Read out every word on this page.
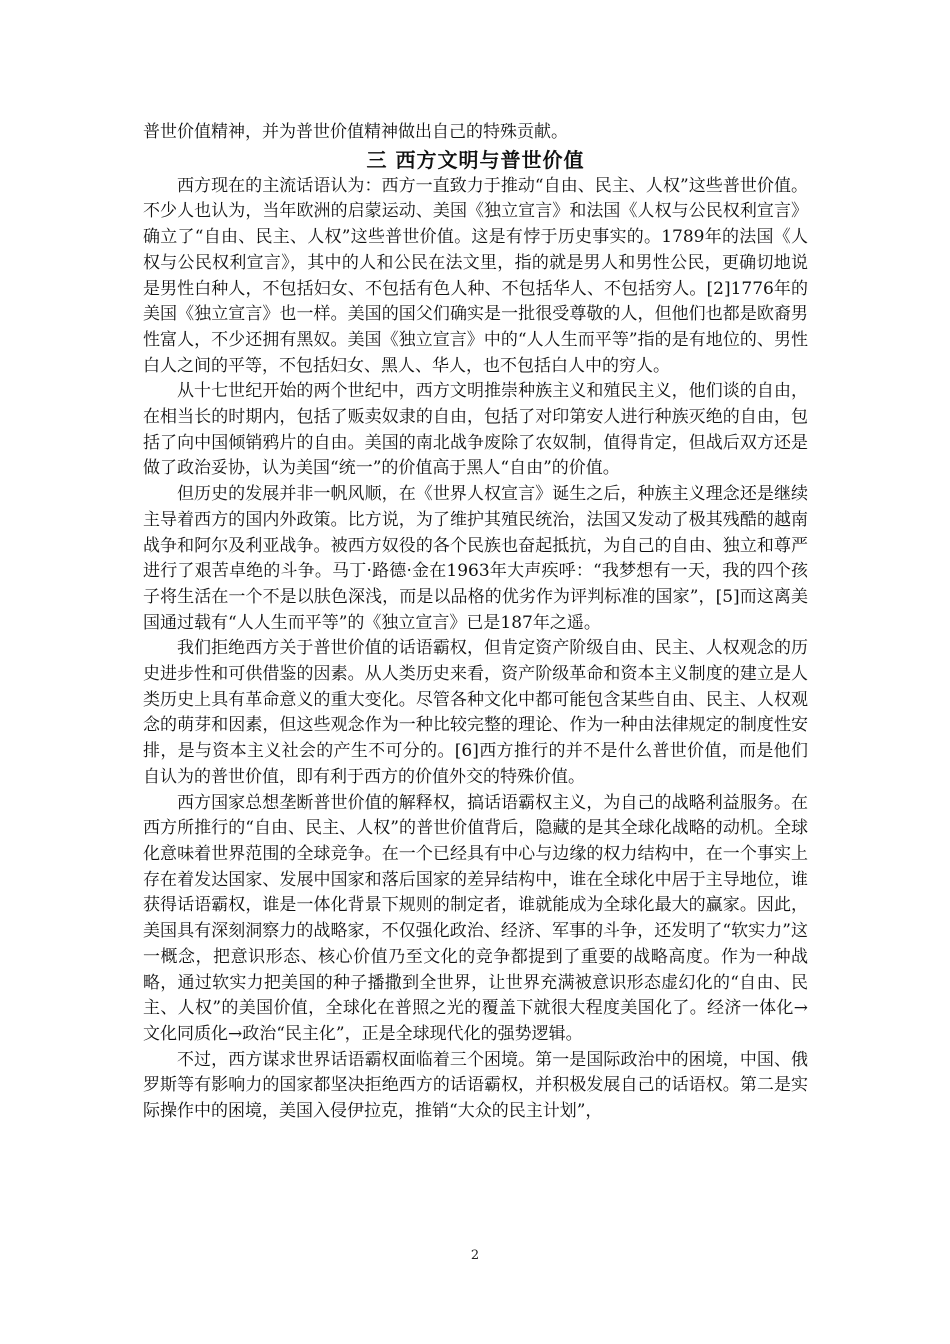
普世价值精神，并为普世价值精神做出自己的特殊贡献。

三 西方文明与普世价值

西方现在的主流话语认为：西方一直致力于推动“自由、民主、人权”这些普世价值。不少人也认为，当年欧洲的启蒙运动、美国《独立宣言》和法国《人权与公民权利宣言》确立了“自由、民主、人权”这些普世价值。这是有悖于历史事实的。1789年的法国《人权与公民权利宣言》，其中的人和公民在法文里，指的就是男人和男性公民，更确切地说是男性白种人，不包括妇女、不包括有色人种、不包括华人、不包括穷人。[2]1776年的美国《独立宣言》也一样。美国的国父们确实是一批很受尊敬的人，但他们也都是欧裔男性富人，不少还拥有黑奴。美国《独立宣言》中的“人人生而平等”指的是有地位的、男性白人之间的平等，不包括妇女、黑人、华人，也不包括白人中的穷人。

从十七世纪开始的两个世纪中，西方文明推崇种族主义和殖民主义，他们谈的自由，在相当长的时期内，包括了贩卖奴隶的自由，包括了对印第安人进行种族灭绝的自由，包括了向中国倾销鸦片的自由。美国的南北战争废除了农奴制，值得肯定，但战后双方还是做了政治妥协，认为美国“统一”的价值高于黑人“自由”的价值。

但历史的发展并非一帆风顺，在《世界人权宣言》诞生之后，种族主义理念还是继续主导着西方的国内外政策。比方说，为了维护其殖民统治，法国又发动了极其残酷的越南战争和阿尔及利亚战争。被西方奴役的各个民族也奋起抵抗，为自己的自由、独立和尊严进行了艰苦卓绝的斗争。马丁·路德·金在1963年大声疾呼：“我梦想有一天，我的四个孩子将生活在一个不是以肤色深浅，而是以品格的优劣作为评判标准的国家”，[5]而这离美国通过载有“人人生而平等”的《独立宣言》已是187年之遥。

我们拒绝西方关于普世价值的话语霸权，但肯定资产阶级自由、民主、人权观念的历史进步性和可供借鉴的因素。从人类历史来看，资产阶级革命和资本主义制度的建立是人类历史上具有革命意义的重大变化。尽管各种文化中都可能包含某些自由、民主、人权观念的萌芽和因素，但这些观念作为一种比较完整的理论、作为一种由法律规定的制度性安排，是与资本主义社会的产生不可分的。[6]西方推行的并不是什么普世价值，而是他们自认为的普世价值，即有利于西方的价值外交的特殊价值。

西方国家总想垄断普世价值的解释权，搞话语霸权主义，为自己的战略利益服务。在西方所推行的“自由、民主、人权”的普世价值背后，隐藏的是其全球化战略的动机。全球化意味着世界范围的全球竞争。在一个已经具有中心与边缘的权力结构中，在一个事实上存在着发达国家、发展中国家和落后国家的差异结构中，谁在全球化中居于主导地位，谁获得话语霸权，谁是一体化背景下规则的制定者，谁就能成为全球化最大的赢家。因此，美国具有深刻洞察力的战略家，不仅强化政治、经济、军事的斗争，还发明了“软实力”这一概念，把意识形态、核心价值乃至文化的竞争都提到了重要的战略高度。作为一种战略，通过软实力把美国的种子播撒到全世界，让世界充满被意识形态虚幻化的“自由、民主、人权”的美国价值，全球化在普照之光的覆盖下就很大程度美国化了。经济一体化→文化同质化→政治“民主化”，正是全球现代化的强势逻辑。

不过，西方谋求世界话语霸权面临着三个困境。第一是国际政治中的困境，中国、俄罗斯等有影响力的国家都坚决拒绝西方的话语霸权，并积极发展自己的话语权。第二是实际操作中的困境，美国入侵伊拉克，推销“大众的民主计划”，

2
